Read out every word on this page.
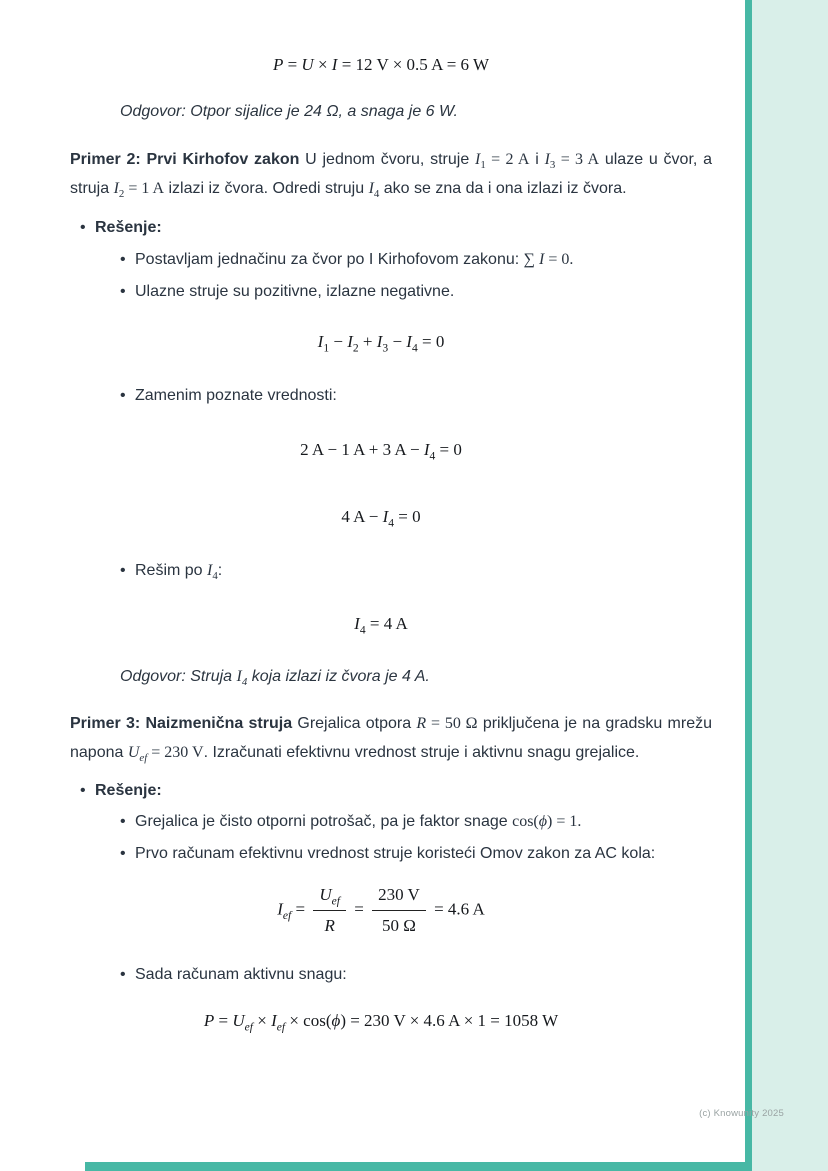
P = U × I = 12 V × 0.5 A = 6 W
Odgovor: Otpor sijalice je 24 Ω, a snaga je 6 W.

Primer 2: Prvi Kirhofov zakon U jednom čvoru, struje $I_1 = 2$ A i $I_3 = 3$ A ulaze u čvor, a struja $I_2 = 1$ A izlazi iz čvora. Odredi struju $I_4$ ako se zna da i ona izlazi iz čvora.

• Rešenje:
• Postavljam jednačinu za čvor po I Kirhofovom zakonu: ∑ I = 0.
• Ulazne struje su pozitivne, izlazne negativne.
$I_1 - I_2 + I_3 - I_4 = 0$
• Zamenim poznate vrednosti:
2 A − 1 A + 3 $A - I_4 = 0$
4 $A - I_4 = 0$
• Rešim po $I_4$:
$I_4 = 4$ A
Odgovor: Struja $I_4$ koja izlazi iz čvora je 4 A.

Primer 3: Naizmenična struja Grejalica otpora R = 50 Ω priključena je na gradsku mrežu napona $U_{ef} = 230$ V. Izračunati efektivnu vrednost struje i aktivnu snagu grejalice.

• Rešenje:
• Grejalica je čisto otporni potrošač, pa je faktor snage cos(ϕ) = 1.
• Prvo računam efektivnu vrednost struje koristeći Omov zakon za AC kola:
$I_{ef} = \frac{U_{ef}}{R} = \frac{230 V}{50 \Omega} = 4.6$ A
• Sada računam aktivnu snagu:
$P = U_{ef} \times I_{ef} \times \cos(\phi) = 230$ V × 4.6 A × 1 = 1058 W
(c) Knowunity 2025
